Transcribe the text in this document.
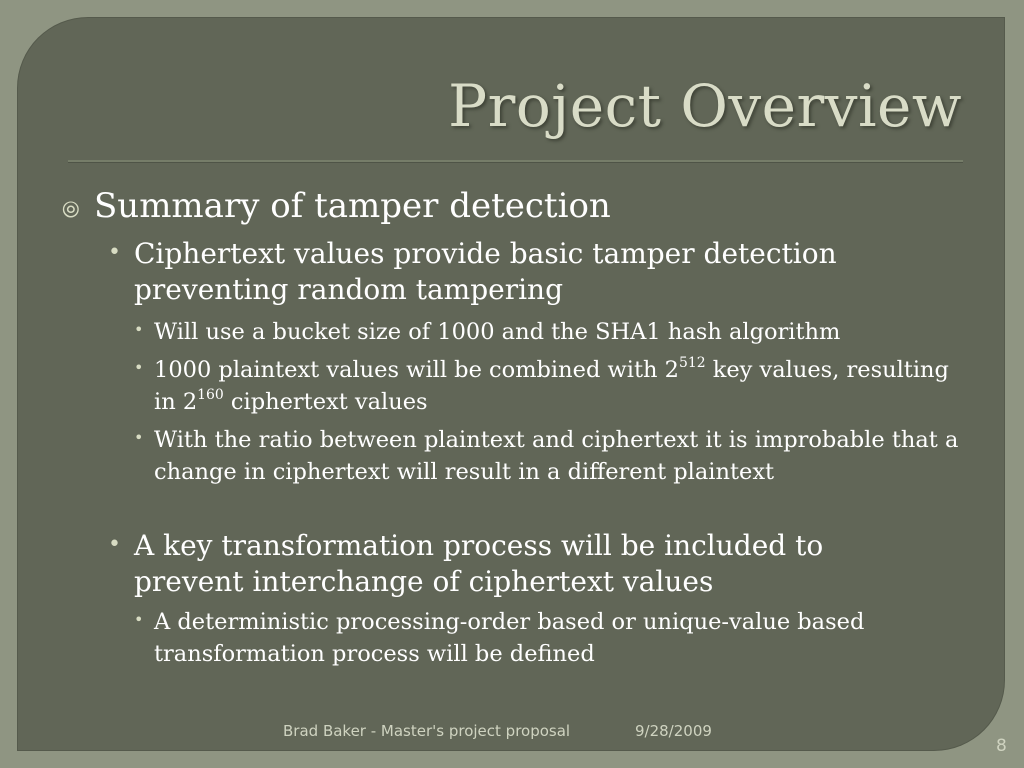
Project Overview
⦾ Summary of tamper detection
• Ciphertext values provide basic tamper detection preventing random tampering
• Will use a bucket size of 1000 and the SHA1 hash algorithm
• 1000 plaintext values will be combined with $2^{512}$ key values, resulting in $2^{160}$ ciphertext values
• With the ratio between plaintext and ciphertext it is improbable that a change in ciphertext will result in a different plaintext
• A key transformation process will be included to prevent interchange of ciphertext values
• A deterministic processing-order based or unique-value based transformation process will be defined
Brad Baker - Master's project proposal	9/28/2009
8
